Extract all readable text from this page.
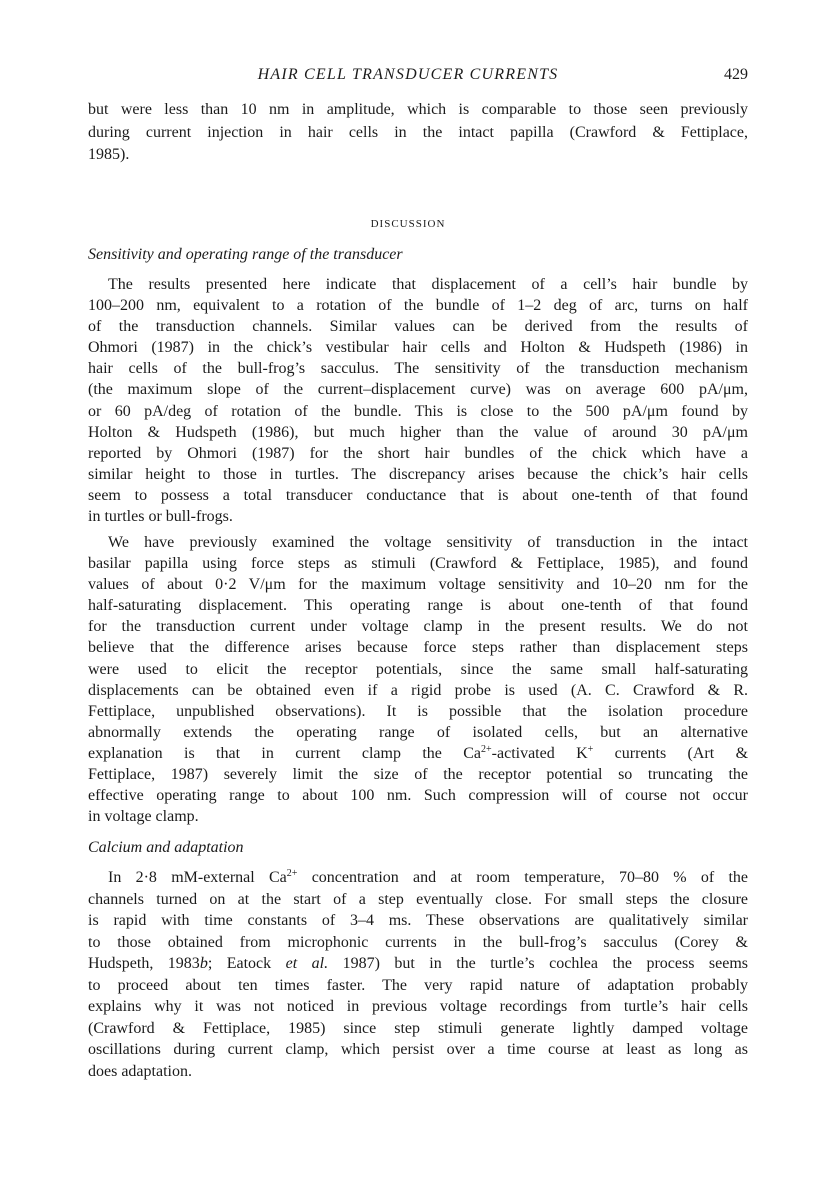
HAIR CELL TRANSDUCER CURRENTS	429
but were less than 10 nm in amplitude, which is comparable to those seen previously
during current injection in hair cells in the intact papilla (Crawford & Fettiplace,
1985).
DISCUSSION
Sensitivity and operating range of the transducer
The results presented here indicate that displacement of a cell’s hair bundle by
100–200 nm, equivalent to a rotation of the bundle of 1–2 deg of arc, turns on half
of the transduction channels. Similar values can be derived from the results of
Ohmori (1987) in the chick’s vestibular hair cells and Holton & Hudspeth (1986) in
hair cells of the bull-frog’s sacculus. The sensitivity of the transduction mechanism
(the maximum slope of the current–displacement curve) was on average 600 pA/μm,
or 60 pA/deg of rotation of the bundle. This is close to the 500 pA/μm found by
Holton & Hudspeth (1986), but much higher than the value of around 30 pA/μm
reported by Ohmori (1987) for the short hair bundles of the chick which have a
similar height to those in turtles. The discrepancy arises because the chick’s hair cells
seem to possess a total transducer conductance that is about one-tenth of that found
in turtles or bull-frogs.
We have previously examined the voltage sensitivity of transduction in the intact
basilar papilla using force steps as stimuli (Crawford & Fettiplace, 1985), and found
values of about 0·2 V/μm for the maximum voltage sensitivity and 10–20 nm for the
half-saturating displacement. This operating range is about one-tenth of that found
for the transduction current under voltage clamp in the present results. We do not
believe that the difference arises because force steps rather than displacement steps
were used to elicit the receptor potentials, since the same small half-saturating
displacements can be obtained even if a rigid probe is used (A. C. Crawford & R.
Fettiplace, unpublished observations). It is possible that the isolation procedure
abnormally extends the operating range of isolated cells, but an alternative
explanation is that in current clamp the $Ca^{2+}$-activated K+ currents (Art &
Fettiplace, 1987) severely limit the size of the receptor potential so truncating the
effective operating range to about 100 nm. Such compression will of course not occur
in voltage clamp.
Calcium and adaptation
In 2·8 mM-external $Ca^{2+}$ concentration and at room temperature, 70–80 % of the
channels turned on at the start of a step eventually close. For small steps the closure
is rapid with time constants of 3–4 ms. These observations are qualitatively similar
to those obtained from microphonic currents in the bull-frog’s sacculus (Corey &
Hudspeth, 1983b; Eatock et al. 1987) but in the turtle’s cochlea the process seems
to proceed about ten times faster. The very rapid nature of adaptation probably
explains why it was not noticed in previous voltage recordings from turtle’s hair cells
(Crawford & Fettiplace, 1985) since step stimuli generate lightly damped voltage
oscillations during current clamp, which persist over a time course at least as long as
does adaptation.
